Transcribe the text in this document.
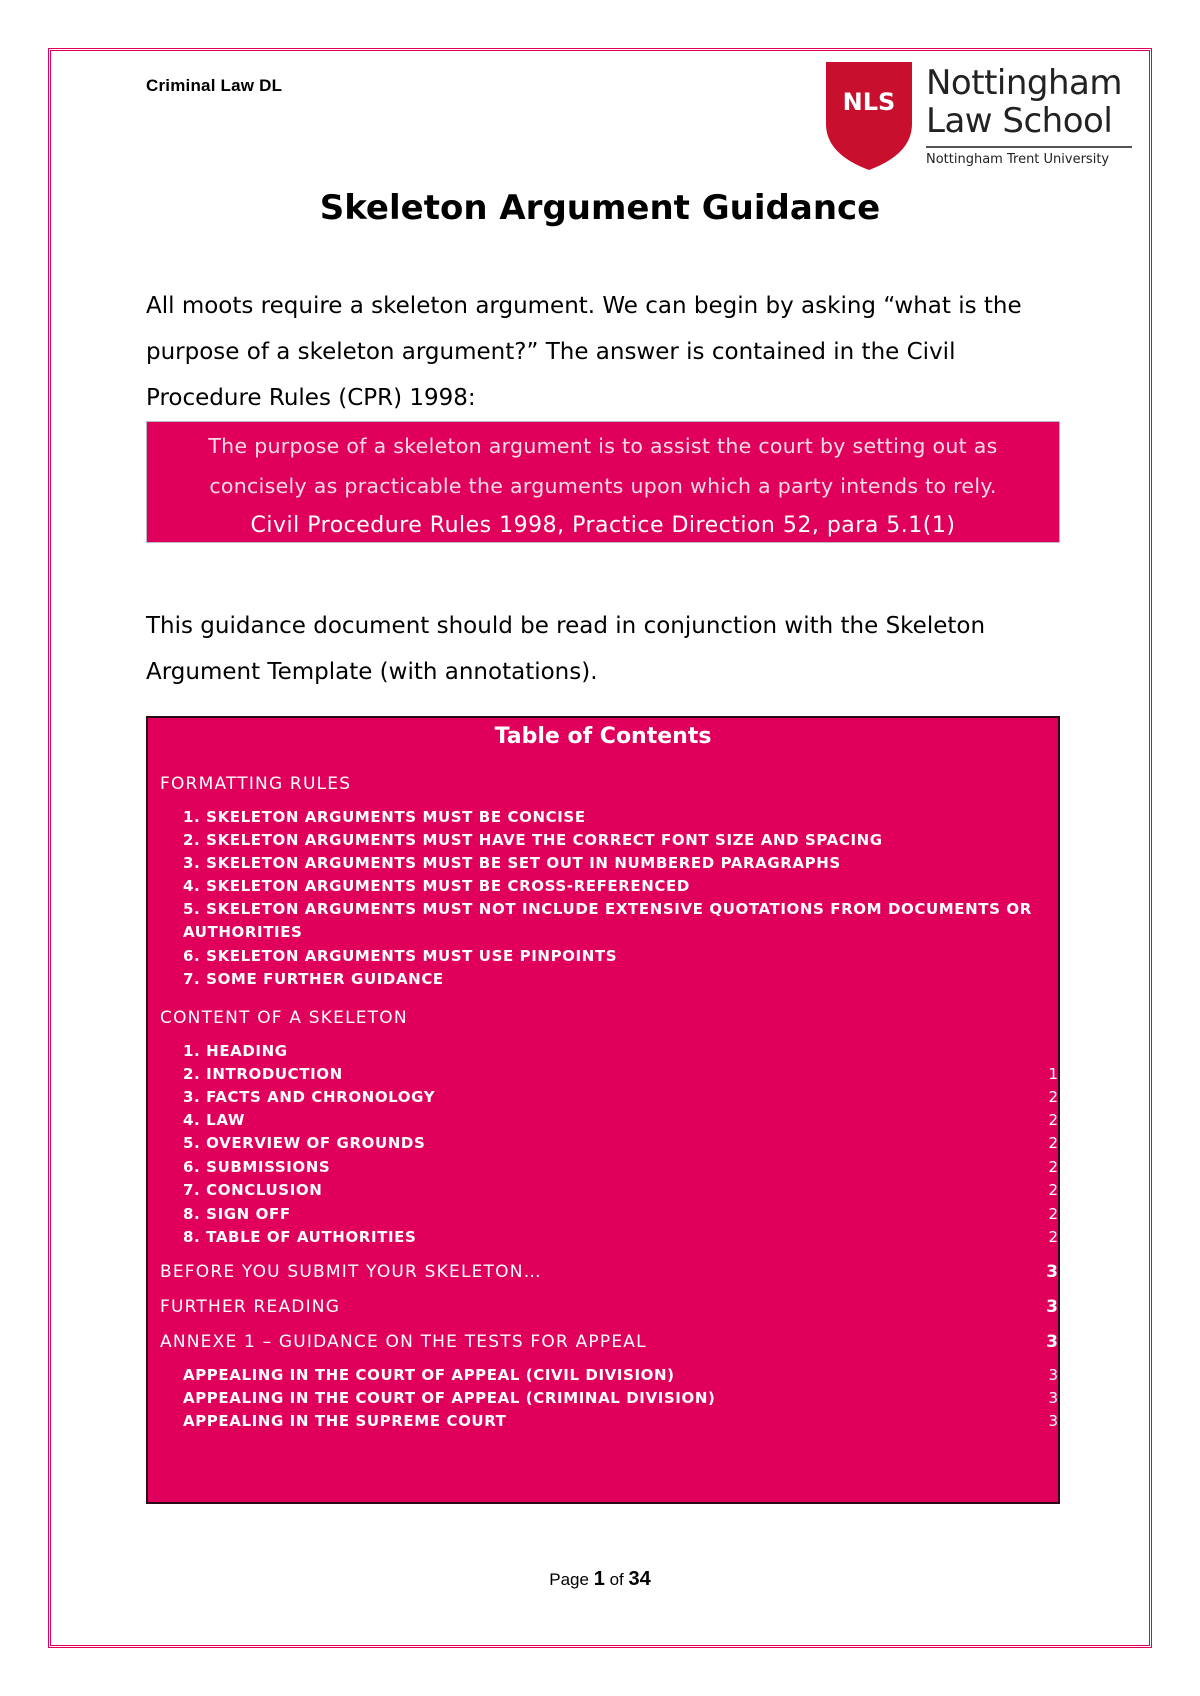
Criminal Law DL
NLS Nottingham
Law School
Nottingham Trent University
Skeleton Argument Guidance

All moots require a skeleton argument. We can begin by asking “what is the purpose of a skeleton argument?” The answer is contained in the Civil Procedure Rules (CPR) 1998:

The purpose of a skeleton argument is to assist the court by setting out as

concisely as practicable the arguments upon which a party intends to rely.

Civil Procedure Rules 1998, Practice Direction 52, para 5.1(1)

This guidance document should be read in conjunction with the Skeleton Argument Template (with annotations).

Table of Contents
FORMATTING RULES
1. SKELETON ARGUMENTS MUST BE CONCISE
2. SKELETON ARGUMENTS MUST HAVE THE CORRECT FONT SIZE AND SPACING
3. SKELETON ARGUMENTS MUST BE SET OUT IN NUMBERED PARAGRAPHS
4. SKELETON ARGUMENTS MUST BE CROSS-REFERENCED
5. SKELETON ARGUMENTS MUST NOT INCLUDE EXTENSIVE QUOTATIONS FROM DOCUMENTS OR
AUTHORITIES
6. SKELETON ARGUMENTS MUST USE PINPOINTS
7. SOME FURTHER GUIDANCE
CONTENT OF A SKELETON
1. HEADING
2. INTRODUCTION	1
3. FACTS AND CHRONOLOGY	2
4. LAW	2
5. OVERVIEW OF GROUNDS	2
6. SUBMISSIONS	2
7. CONCLUSION	2
8. SIGN OFF	2
8. TABLE OF AUTHORITIES	2
BEFORE YOU SUBMIT YOUR SKELETON…	3
FURTHER READING	3
ANNEXE 1 – GUIDANCE ON THE TESTS FOR APPEAL	3
APPEALING IN THE COURT OF APPEAL (CIVIL DIVISION)	3
APPEALING IN THE COURT OF APPEAL (CRIMINAL DIVISION)	3
APPEALING IN THE SUPREME COURT	3
Page 1 of 34
